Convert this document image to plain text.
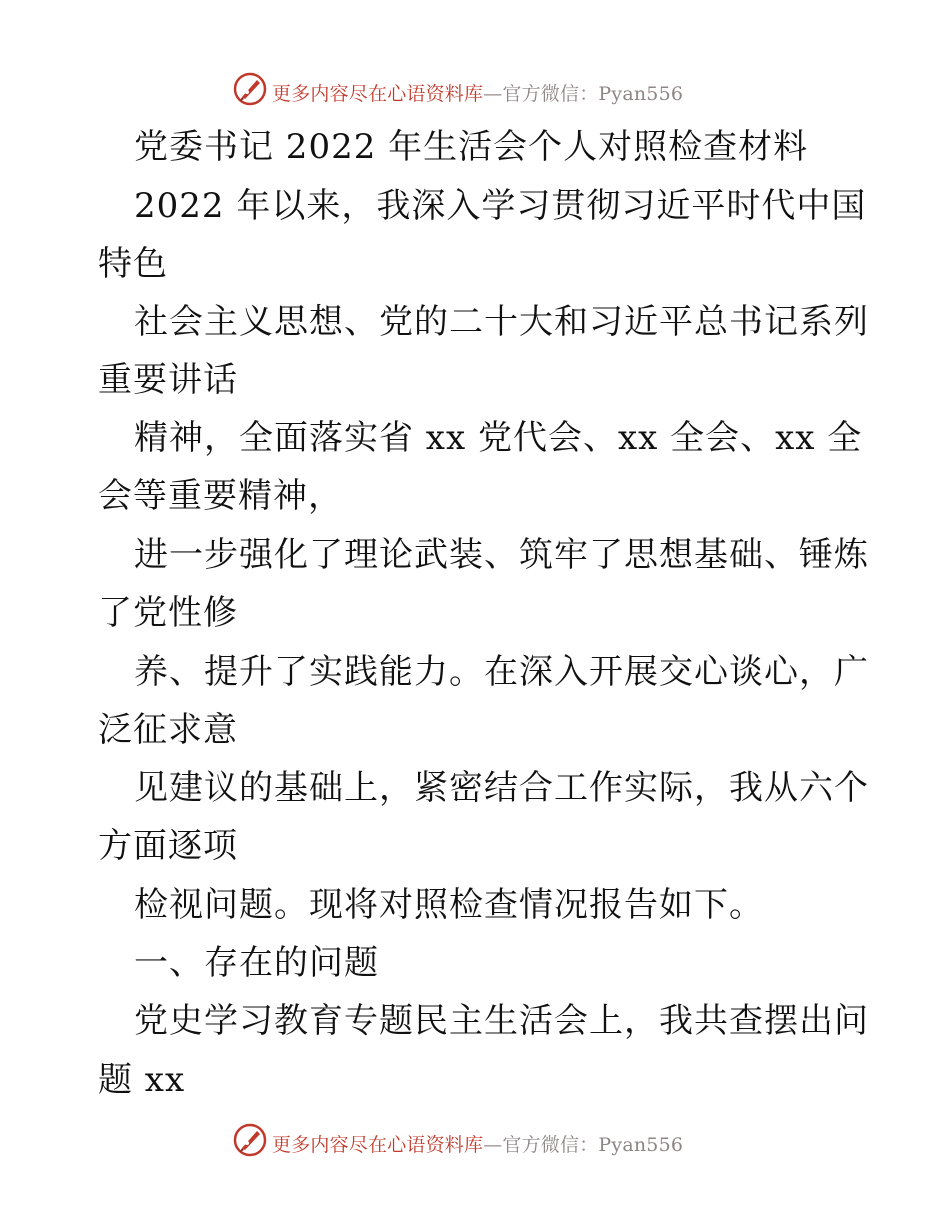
更多内容尽在心语资料库—官方微信：Pyan556
党委书记 2022 年生活会个人对照检查材料
2022 年以来，我深入学习贯彻习近平时代中国
特色
社会主义思想、党的二十大和习近平总书记系列
重要讲话
精神，全面落实省 xx 党代会、xx 全会、xx 全
会等重要精神，
进一步强化了理论武装、筑牢了思想基础、锤炼
了党性修
养、提升了实践能力。在深入开展交心谈心，广
泛征求意
见建议的基础上，紧密结合工作实际，我从六个
方面逐项
检视问题。现将对照检查情况报告如下。
一、存在的问题
党史学习教育专题民主生活会上，我共查摆出问
题 xx
更多内容尽在心语资料库—官方微信：Pyan556
